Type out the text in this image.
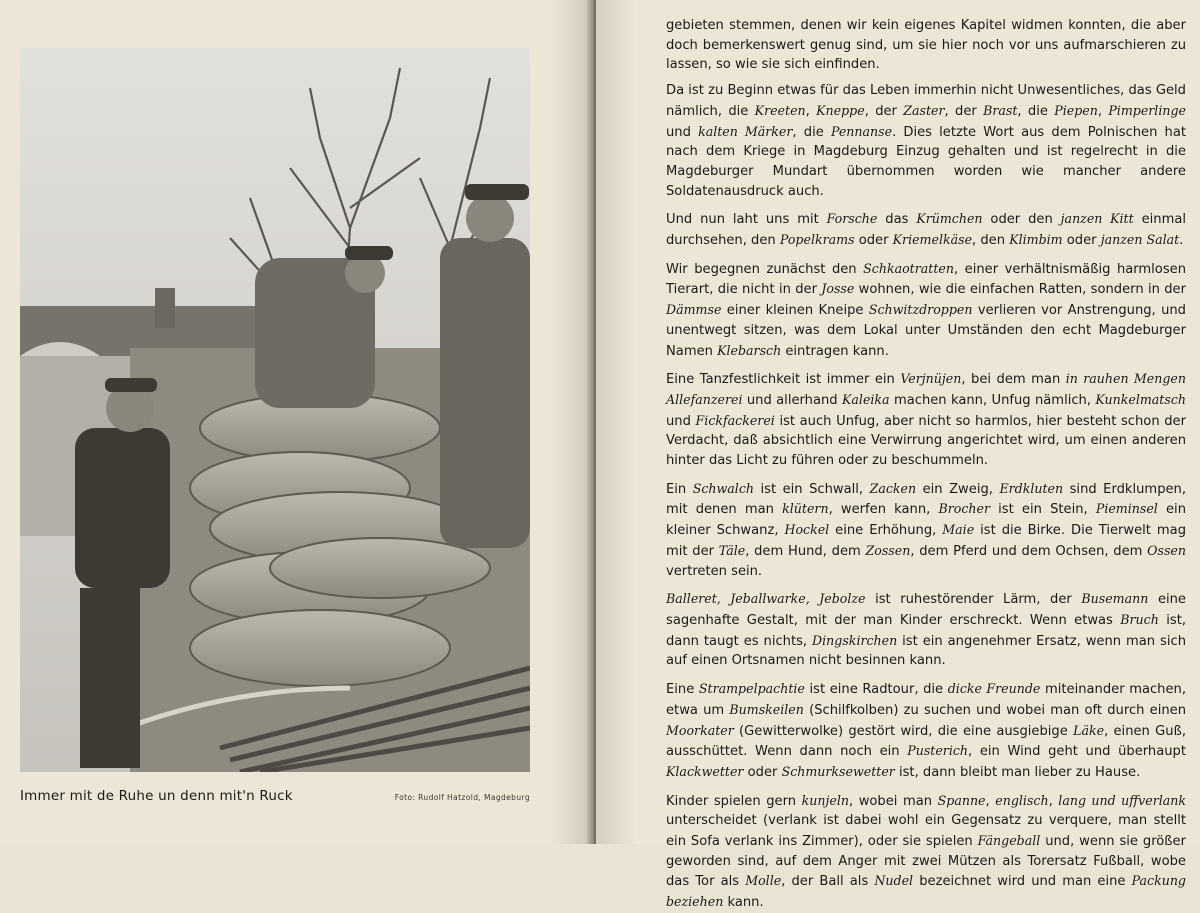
Immer mit de Ruhe un denn mit'n Ruck	Foto: Rudolf Hatzold, Magdeburg

gebieten stemmen, denen wir kein eigenes Kapitel widmen konnten, die aber doch bemerkenswert genug sind, um sie hier noch vor uns aufmarschieren zu lassen, so wie sie sich einfinden.

Da ist zu Beginn etwas für das Leben immerhin nicht Unwesentliches, das Geld nämlich, die Kreeten, Kneppe, der Zaster, der Brast, die Piepen, Pimperlinge und kalten Märker, die Pennanse. Dies letzte Wort aus dem Polnischen hat nach dem Kriege in Magdeburg Einzug gehalten und ist regelrecht in die Magdeburger Mundart übernommen worden wie mancher andere Soldatenausdruck auch.

Und nun laht uns mit Forsche das Krümchen oder den janzen Kitt einmal durchsehen, den Popelkrams oder Kriemelkäse, den Klimbim oder janzen Salat.

Wir begegnen zunächst den Schkaotratten, einer verhältnismäßig harmlosen Tierart, die nicht in der Josse wohnen, wie die einfachen Ratten, sondern in der Dämmse einer kleinen Kneipe Schwitzdroppen verlieren vor Anstrengung, und unentwegt sitzen, was dem Lokal unter Umständen den echt Magdeburger Namen Klebarsch eintragen kann.

Eine Tanzfestlichkeit ist immer ein Verjnüjen, bei dem man in rauhen Mengen Allefanzerei und allerhand Kaleika machen kann, Unfug nämlich, Kunkelmatsch und Fickfackerei ist auch Unfug, aber nicht so harmlos, hier besteht schon der Verdacht, daß absichtlich eine Verwirrung angerichtet wird, um einen anderen hinter das Licht zu führen oder zu beschummeln.

Ein Schwalch ist ein Schwall, Zacken ein Zweig, Erdkluten sind Erdklumpen, mit denen man klütern, werfen kann, Brocher ist ein Stein, Pieminsel ein kleiner Schwanz, Hockel eine Erhöhung, Maie ist die Birke. Die Tierwelt mag mit der Täle, dem Hund, dem Zossen, dem Pferd und dem Ochsen, dem Ossen vertreten sein.

Balleret, Jeballwarke, Jebolze ist ruhestörender Lärm, der Busemann eine sagenhafte Gestalt, mit der man Kinder erschreckt. Wenn etwas Bruch ist, dann taugt es nichts, Dingskirchen ist ein angenehmer Ersatz, wenn man sich auf einen Ortsnamen nicht besinnen kann.

Eine Strampelpachtie ist eine Radtour, die dicke Freunde miteinander machen, etwa um Bumskeilen (Schilfkolben) zu suchen und wobei man oft durch einen Moorkater (Gewitterwolke) gestört wird, die eine ausgiebige Läke, einen Guß, ausschüttet. Wenn dann noch ein Pusterich, ein Wind geht und überhaupt Klackwetter oder Schmurksewetter ist, dann bleibt man lieber zu Hause.

Kinder spielen gern kunjeln, wobei man Spanne, englisch, lang und uffverlank unterscheidet (verlank ist dabei wohl ein Gegensatz zu verquere, man stellt ein Sofa verlank ins Zimmer), oder sie spielen Fängeball und, wenn sie größer geworden sind, auf dem Anger mit zwei Mützen als Torersatz Fußball, wobe das Tor als Molle, der Ball als Nudel bezeichnet wird und man eine Packung beziehen kann.
